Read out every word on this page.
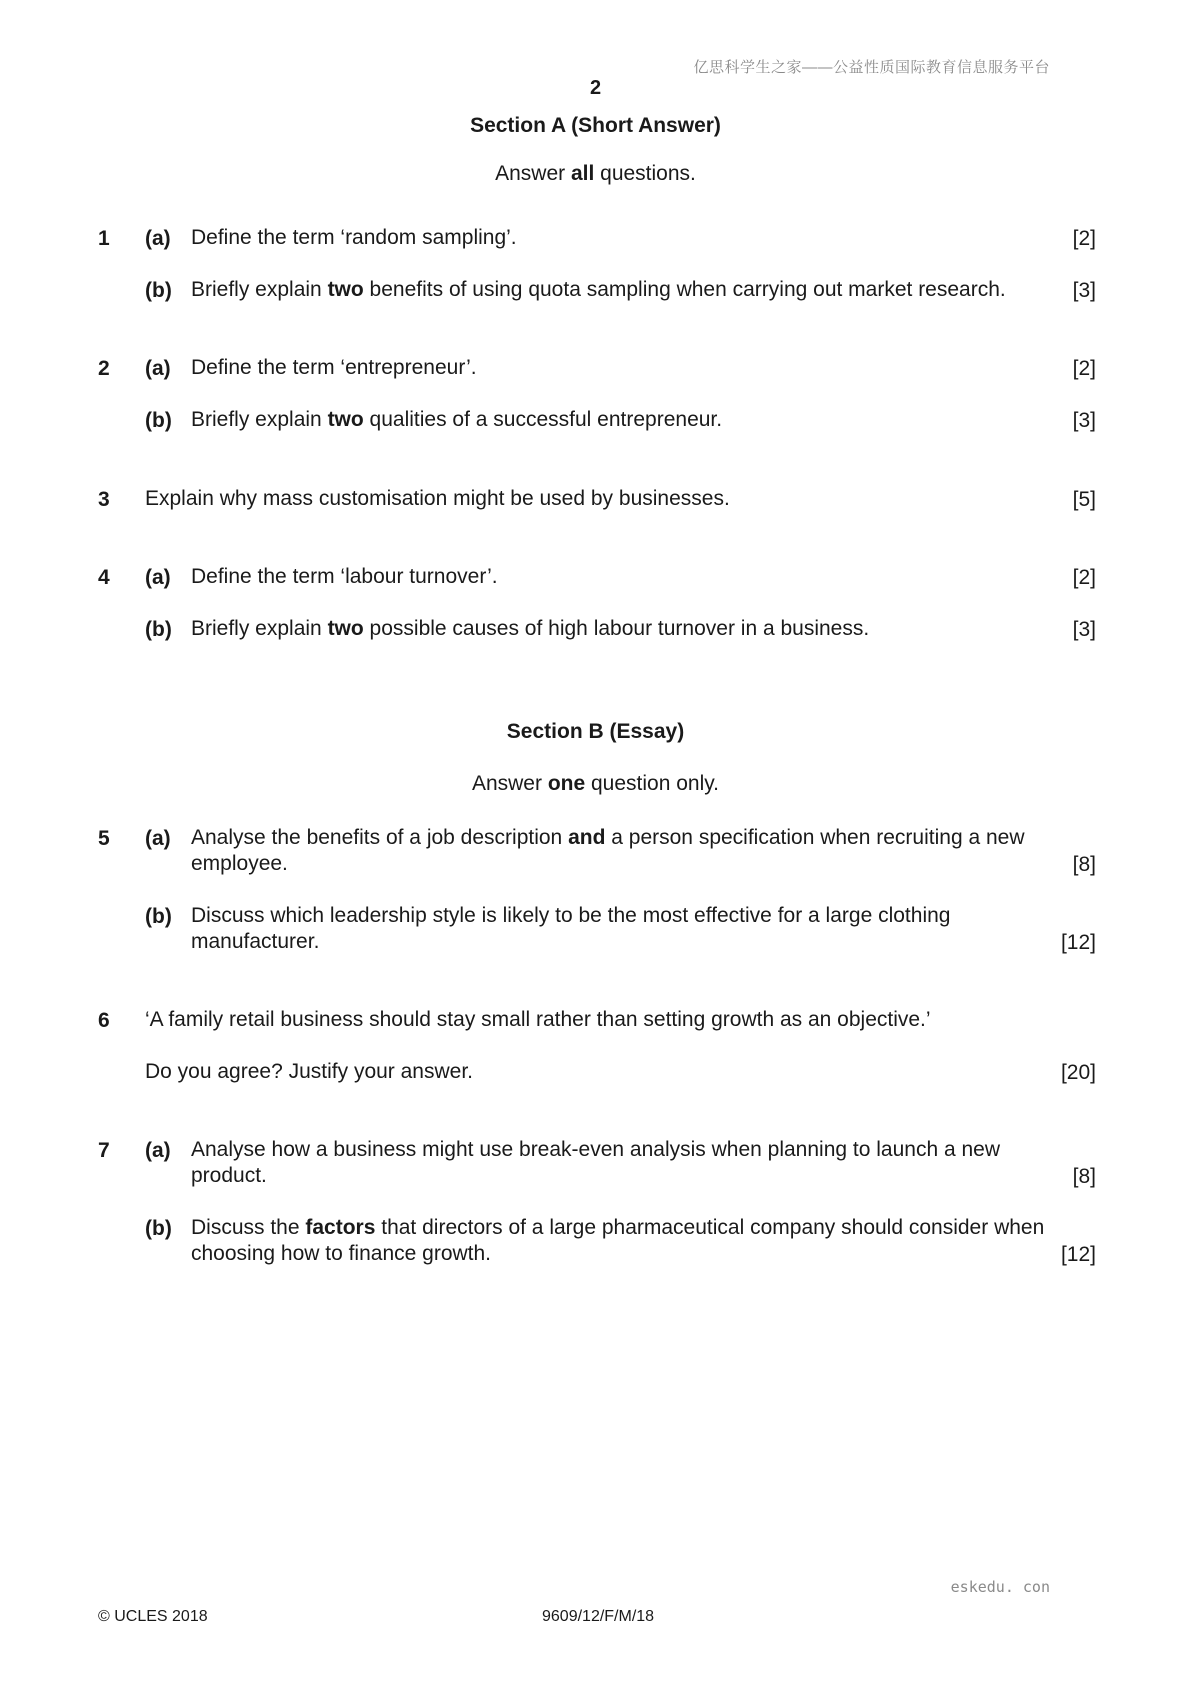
亿思科学生之家——公益性质国际教育信息服务平台
2
Section A (Short Answer)
Answer all questions.
1 (a) Define the term ‘random sampling’.	[2]
(b) Briefly explain two benefits of using quota sampling when carrying out market research.	[3]
2 (a) Define the term ‘entrepreneur’.	[2]
(b) Briefly explain two qualities of a successful entrepreneur.	[3]
3 Explain why mass customisation might be used by businesses.	[5]
4 (a) Define the term ‘labour turnover’.	[2]
(b) Briefly explain two possible causes of high labour turnover in a business.	[3]
Section B (Essay)
Answer one question only.
5 (a) Analyse the benefits of a job description and a person specification when recruiting a new
employee.	[8]
(b) Discuss which leadership style is likely to be the most effective for a large clothing
manufacturer.	[12]
6 ‘A family retail business should stay small rather than setting growth as an objective.’
Do you agree? Justify your answer.	[20]
7 (a) Analyse how a business might use break-even analysis when planning to launch a new
product.	[8]
(b) Discuss the factors that directors of a large pharmaceutical company should consider when
choosing how to finance growth.	[12]
eskedu. con
© UCLES 2018	9609/12/F/M/18
